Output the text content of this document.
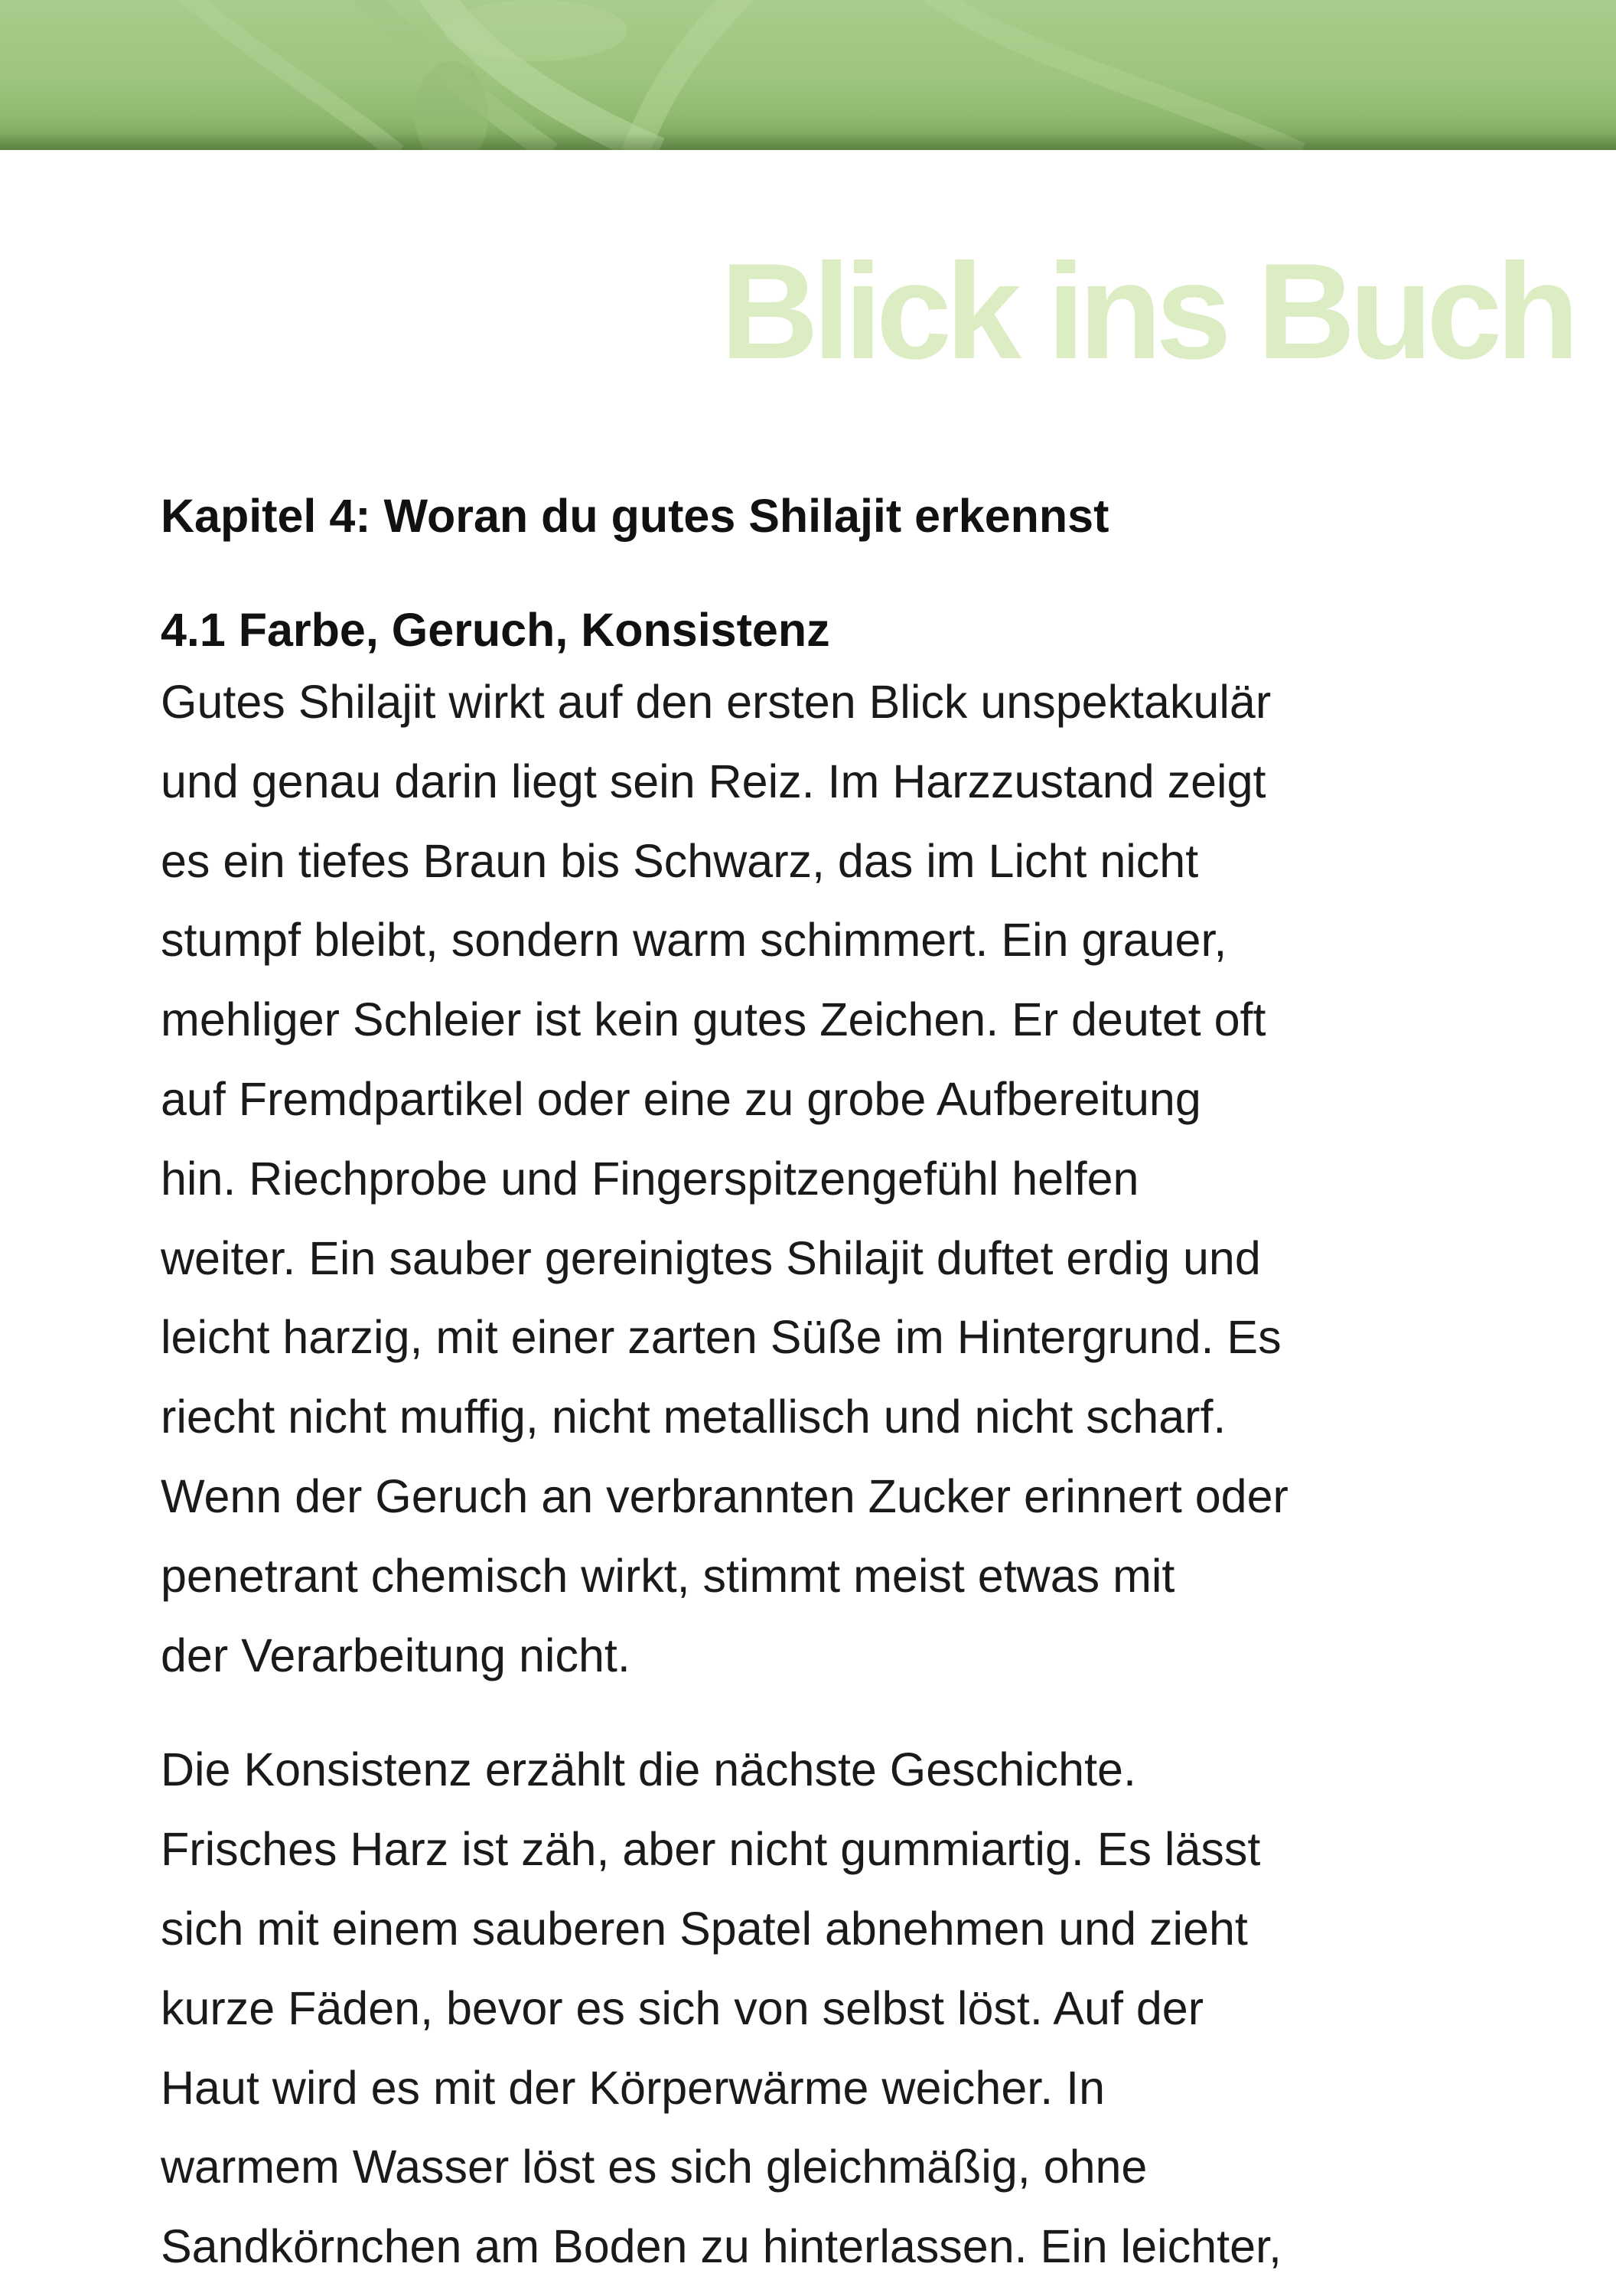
Blick ins Buch
Kapitel 4: Woran du gutes Shilajit erkennst
4.1 Farbe, Geruch, Konsistenz

Gutes Shilajit wirkt auf den ersten Blick unspektakulär
und genau darin liegt sein Reiz. Im Harzzustand zeigt
es ein tiefes Braun bis Schwarz, das im Licht nicht
stumpf bleibt, sondern warm schimmert. Ein grauer,
mehliger Schleier ist kein gutes Zeichen. Er deutet oft
auf Fremdpartikel oder eine zu grobe Aufbereitung
hin. Riechprobe und Fingerspitzengefühl helfen
weiter. Ein sauber gereinigtes Shilajit duftet erdig und
leicht harzig, mit einer zarten Süße im Hintergrund. Es
riecht nicht muffig, nicht metallisch und nicht scharf.
Wenn der Geruch an verbrannten Zucker erinnert oder
penetrant chemisch wirkt, stimmt meist etwas mit
der Verarbeitung nicht.

Die Konsistenz erzählt die nächste Geschichte.
Frisches Harz ist zäh, aber nicht gummiartig. Es lässt
sich mit einem sauberen Spatel abnehmen und zieht
kurze Fäden, bevor es sich von selbst löst. Auf der
Haut wird es mit der Körperwärme weicher. In
warmem Wasser löst es sich gleichmäßig, ohne
Sandkörnchen am Boden zu hinterlassen. Ein leichter,
